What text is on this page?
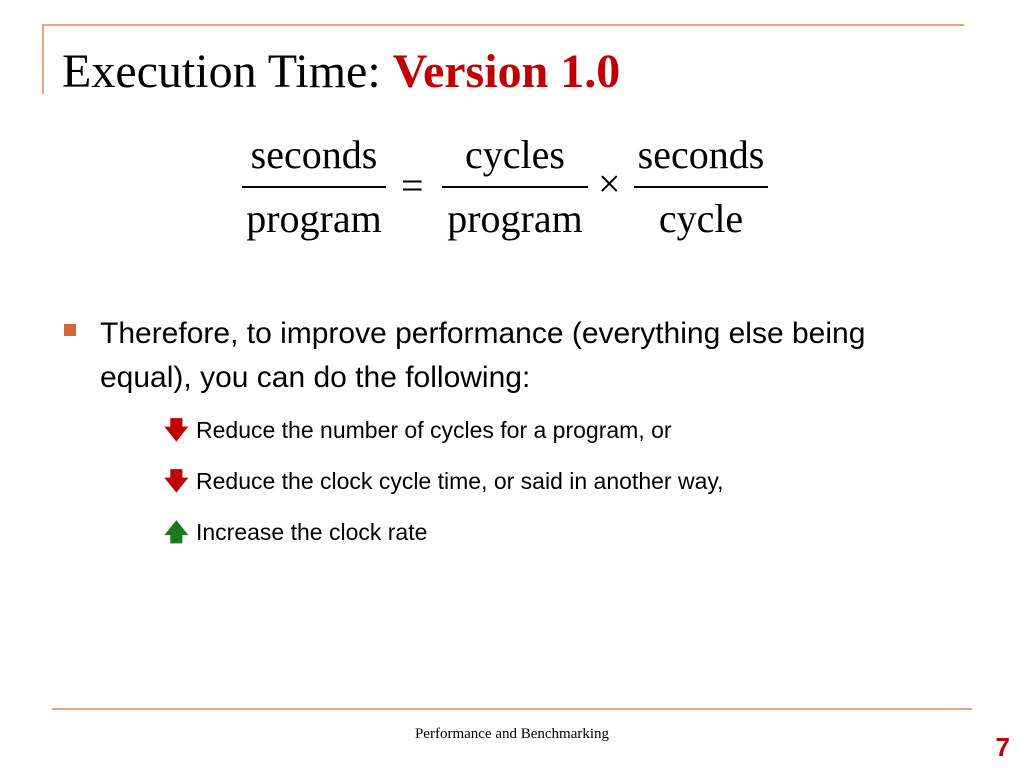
Execution Time: Version 1.0
seconds
program
=
cycles
program
×
seconds
cycle
Therefore, to improve performance (everything else being equal), you can do the following:
🡇 Reduce the number of cycles for a program, or
🡇 Reduce the clock cycle time, or said in another way,
🡅 Increase the clock rate
Performance and Benchmarking	7
